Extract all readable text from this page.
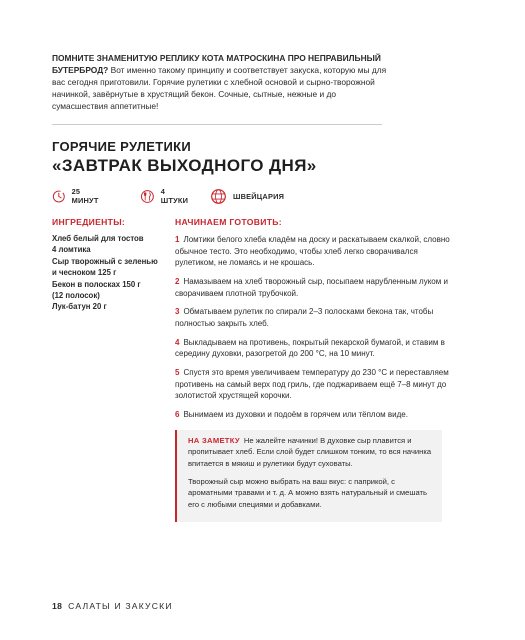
ПОМНИТЕ ЗНАМЕНИТУЮ РЕПЛИКУ КОТА МАТРОСКИНА ПРО НЕПРАВИЛЬНЫЙ БУТЕРБРОД? Вот именно такому принципу и соответствует закуска, которую мы для вас сегодня приготовили. Горячие рулетики с хлебной основой и сырно-творожной начинкой, завёрнутые в хрустящий бекон. Сочные, сытные, нежные и до сумасшествия аппетитные!
ГОРЯЧИЕ РУЛЕТИКИ
«ЗАВТРАК ВЫХОДНОГО ДНЯ»
25 МИНУТ
4 ШТУКИ	ШВЕЙЦАРИЯ
ИНГРЕДИЕНТЫ:
Хлеб белый для тостов
4 ломтика
Сыр творожный с зеленью
и чесноком 125 г
Бекон в полосках 150 г
(12 полосок)
Лук-батун 20 г
НАЧИНАЕМ ГОТОВИТЬ:
1 Ломтики белого хлеба кладём на доску и раскатываем скалкой, словно обычное тесто. Это необходимо, чтобы хлеб легко сворачивался рулетиком, не ломаясь и не крошась.
2 Намазываем на хлеб творожный сыр, посыпаем нарубленным луком и сворачиваем плотной трубочкой.
3 Обматываем рулетик по спирали 2–3 полосками бекона так, чтобы полностью закрыть хлеб.
4 Выкладываем на противень, покрытый пекарской бумагой, и ставим в середину духовки, разогретой до 200 °С, на 10 минут.
5 Спустя это время увеличиваем температуру до 230 °С и переставляем противень на самый верх под гриль, где поджариваем ещё 7–8 минут до золотистой хрустящей корочки.
6 Вынимаем из духовки и подоём в горячем или тёплом виде.
НА ЗАМЕТКУ Не жалейте начинки! В духовке сыр плавится и пропитывает хлеб. Если слой будет слишком тонким, то вся начинка впитается в мякиш и рулетики будут суховаты.
Творожный сыр можно выбрать на ваш вкус: с паприкой, с ароматными травами и т. д. А можно взять натуральный и смешать его с любыми специями и добавками.
18 САЛАТЫ И ЗАКУСКИ
